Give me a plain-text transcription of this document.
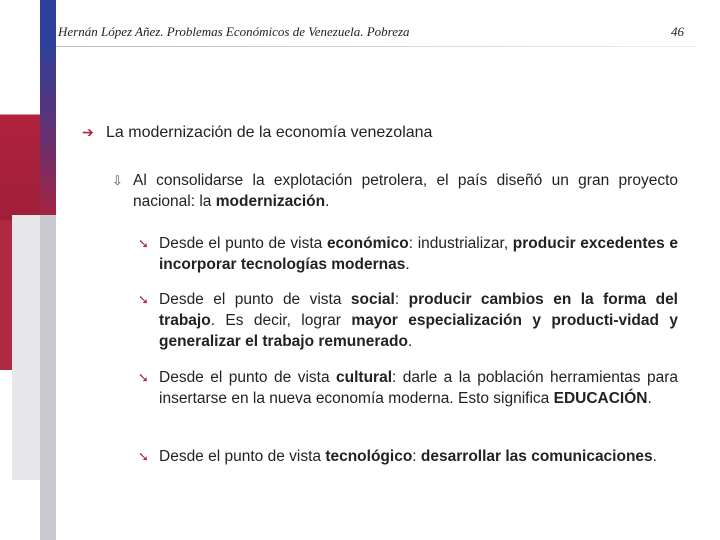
Hernán López Añez. Problemas Económicos de Venezuela. Pobreza	46
➔ La modernización de la economía venezolana
⇩ Al consolidarse la explotación petrolera, el país diseñó un gran proyecto nacional: la modernización.
➘ Desde el punto de vista económico: industrializar, producir excedentes e incorporar tecnologías modernas.
➘ Desde el punto de vista social: producir cambios en la forma del trabajo. Es decir, lograr mayor especialización y producti-vidad y generalizar el trabajo remunerado.
➘ Desde el punto de vista cultural: darle a la población herramientas para insertarse en la nueva economía moderna. Esto significa EDUCACIÓN.
➘ Desde el punto de vista tecnológico: desarrollar las comunicaciones.
